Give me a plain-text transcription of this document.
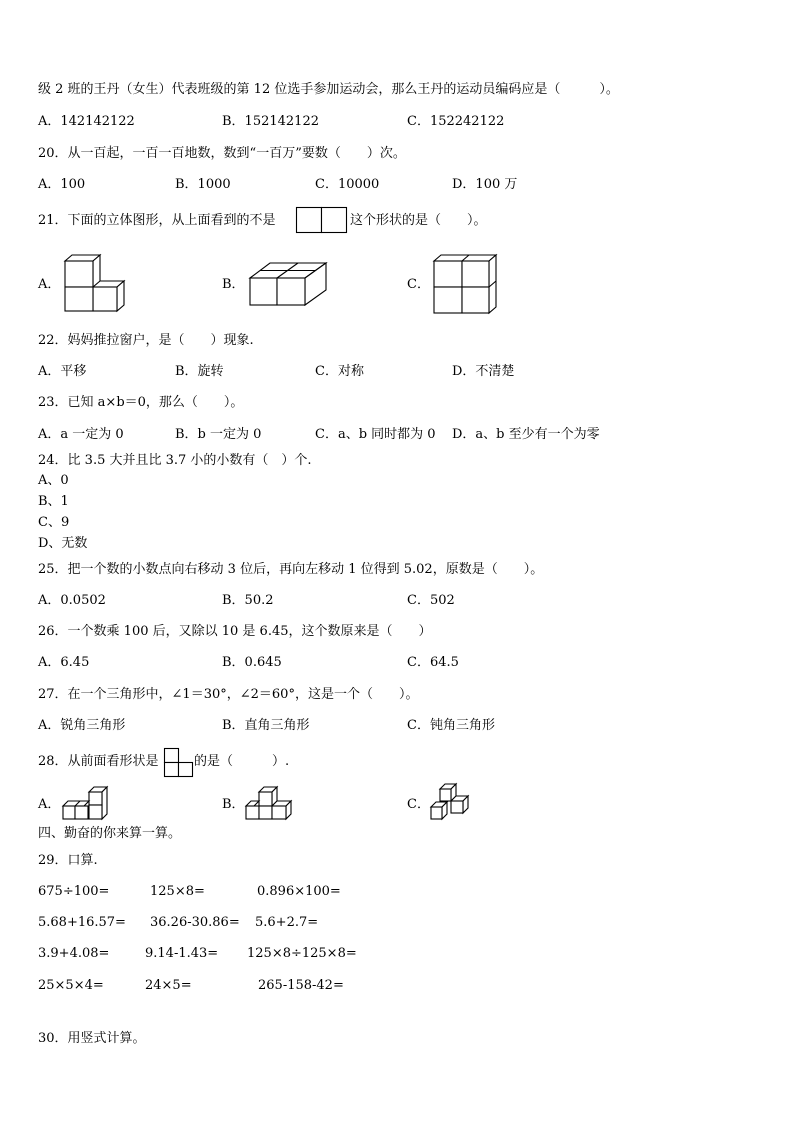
级 2 班的王丹（女生）代表班级的第 12 位选手参加运动会，那么王丹的运动员编码应是（　　　）。
A．142142122	B．152142122	C．152242122
20．从一百起，一百一百地数，数到“一百万”要数（　　）次。
A．100	B．1000	C．10000	D．100 万
21．下面的立体图形，从上面看到的不是	这个形状的是（　　）。
A．	B．	C．
22．妈妈推拉窗户，是（　　）现象.
A．平移	B．旋转	C．对称	D．不清楚
23．已知 a×b＝0，那么（　　）。
A．a 一定为 0	B．b 一定为 0	C．a、b 同时都为 0 D．a、b 至少有一个为零
24．比 3.5 大并且比 3.7 小的小数有（　）个.
A、0
B、1
C、9
D、无数
25．把一个数的小数点向右移动 3 位后，再向左移动 1 位得到 5.02，原数是（　　）。
A．0.0502	B．50.2	C．502
26．一个数乘 100 后，又除以 10 是 6.45，这个数原来是（　　）
A．6.45	B．0.645	C．64.5
27．在一个三角形中，∠1＝30°，∠2＝60°，这是一个（　　）。
A．锐角三角形	B．直角三角形	C．钝角三角形
28．从前面看形状是	的是（　　　）.
A．	B．	C．
四、勤奋的你来算一算。
29．口算.
675÷100=	125×8=	0.896×100=
5.68+16.57= 36.26-30.86= 5.6+2.7=
3.9+4.08=	9.14-1.43= 125×8÷125×8=
25×5×4=	24×5=	265-158-42=
30．用竖式计算。
